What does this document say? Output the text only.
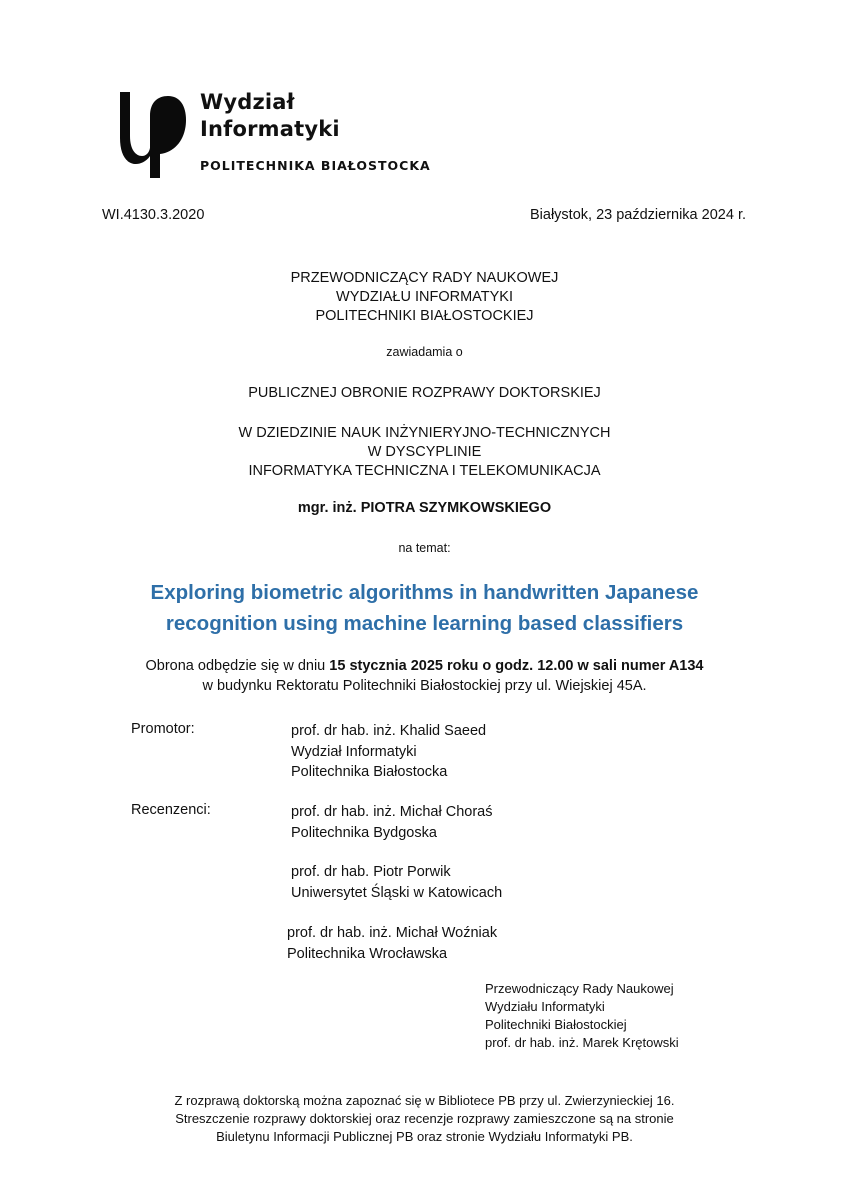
Wydział
Informatyki
POLITECHNIKA BIAŁOSTOCKA
WI.4130.3.2020	Białystok, 23 października 2024 r.
PRZEWODNICZĄCY RADY NAUKOWEJ
WYDZIAŁU INFORMATYKI
POLITECHNIKI BIAŁOSTOCKIEJ
zawiadamia o
PUBLICZNEJ OBRONIE ROZPRAWY DOKTORSKIEJ
W DZIEDZINIE NAUK INŻYNIERYJNO-TECHNICZNYCH
W DYSCYPLINIE
INFORMATYKA TECHNICZNA I TELEKOMUNIKACJA
mgr. inż. PIOTRA SZYMKOWSKIEGO
na temat:
Exploring biometric algorithms in handwritten Japanese
recognition using machine learning based classifiers
Obrona odbędzie się w dniu 15 stycznia 2025 roku o godz. 12.00 w sali numer A134
w budynku Rektoratu Politechniki Białostockiej przy ul. Wiejskiej 45A.
Promotor:	prof. dr hab. inż. Khalid Saeed
Wydział Informatyki
Politechnika Białostocka
Recenzenci:	prof. dr hab. inż. Michał Choraś
Politechnika Bydgoska
prof. dr hab. Piotr Porwik
Uniwersytet Śląski w Katowicach
prof. dr hab. inż. Michał Woźniak
Politechnika Wrocławska
Przewodniczący Rady Naukowej
Wydziału Informatyki
Politechniki Białostockiej
prof. dr hab. inż. Marek Krętowski
Z rozprawą doktorską można zapoznać się w Bibliotece PB przy ul. Zwierzynieckiej 16.
Streszczenie rozprawy doktorskiej oraz recenzje rozprawy zamieszczone są na stronie
Biuletynu Informacji Publicznej PB oraz stronie Wydziału Informatyki PB.
